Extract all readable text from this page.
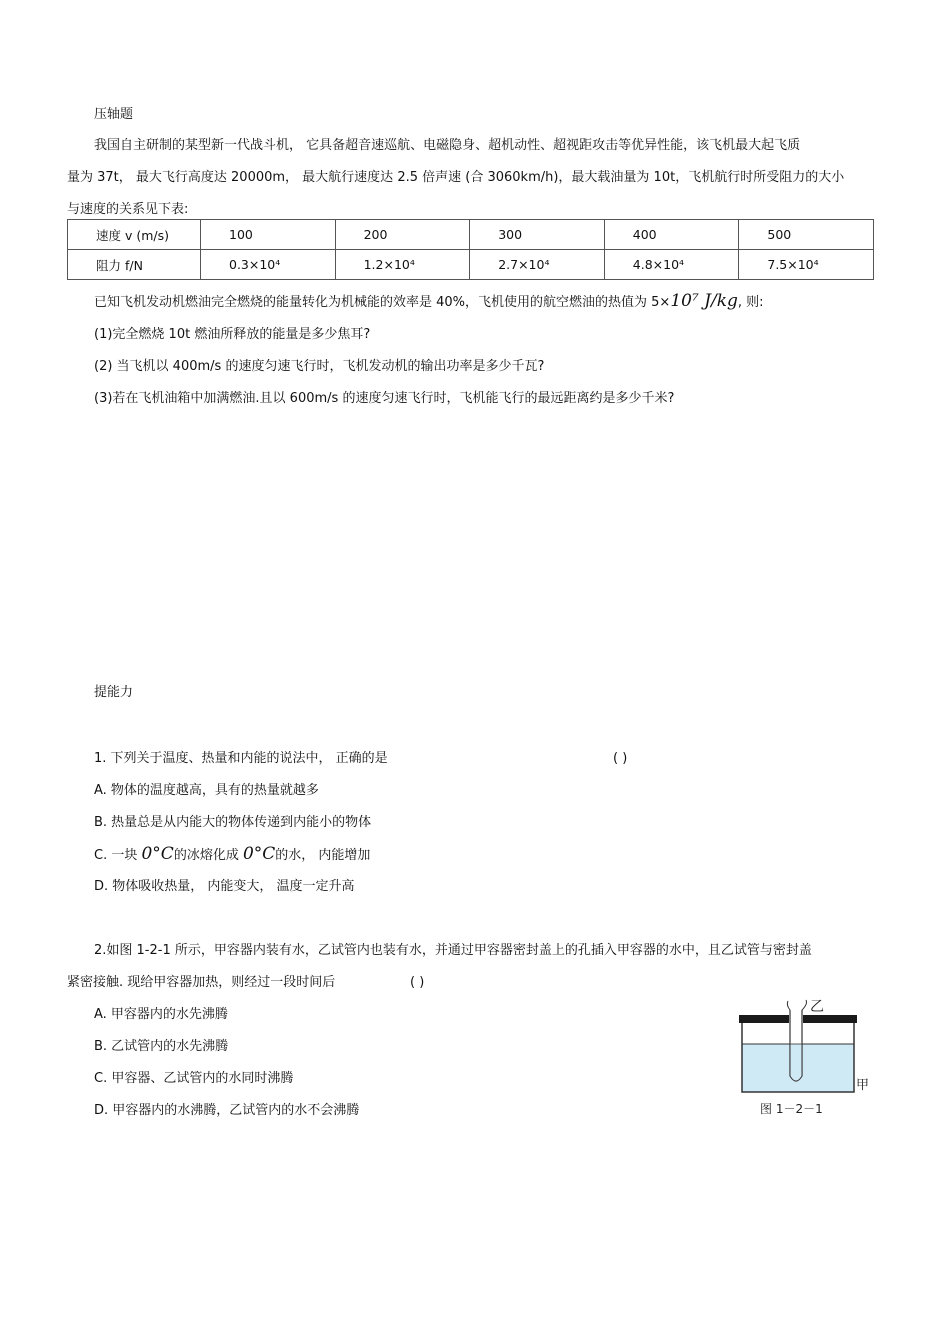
压轴题
我国自主研制的某型新一代战斗机， 它具备超音速巡航、电磁隐身、超机动性、超视距攻击等优异性能，该飞机最大起飞质
量为 37t， 最大飞行高度达 20000m， 最大航行速度达 2.5 倍声速 (合 3060km/h)，最大载油量为 10t，飞机航行时所受阻力的大小
与速度的关系见下表:
速度 v (m/s)	100	200	300	400	500
阻力 f/N	0.3×10⁴	1.2×10⁴	2.7×10⁴	4.8×10⁴	7.5×10⁴
已知飞机发动机燃油完全燃烧的能量转化为机械能的效率是 40%，飞机使用的航空燃油的热值为 5×10⁷ J/kg, 则:
(1)完全燃烧 10t 燃油所释放的能量是多少焦耳?
(2) 当飞机以 400m/s 的速度匀速飞行时，飞机发动机的输出功率是多少千瓦?
(3)若在飞机油箱中加满燃油.且以 600m/s 的速度匀速飞行时，飞机能飞行的最远距离约是多少千米?
提能力
1. 下列关于温度、热量和内能的说法中， 正确的是	( )
A. 物体的温度越高，具有的热量就越多
B. 热量总是从内能大的物体传递到内能小的物体
C. 一块 0°C的冰熔化成 0°C的水， 内能增加
D. 物体吸收热量， 内能变大， 温度一定升高
2.如图 1-2-1 所示，甲容器内装有水，乙试管内也装有水，并通过甲容器密封盖上的孔插入甲容器的水中，且乙试管与密封盖
紧密接触. 现给甲容器加热，则经过一段时间后	( )
A. 甲容器内的水先沸腾
B. 乙试管内的水先沸腾
C. 甲容器、乙试管内的水同时沸腾
D. 甲容器内的水沸腾，乙试管内的水不会沸腾
乙
甲
图 1－2－1
